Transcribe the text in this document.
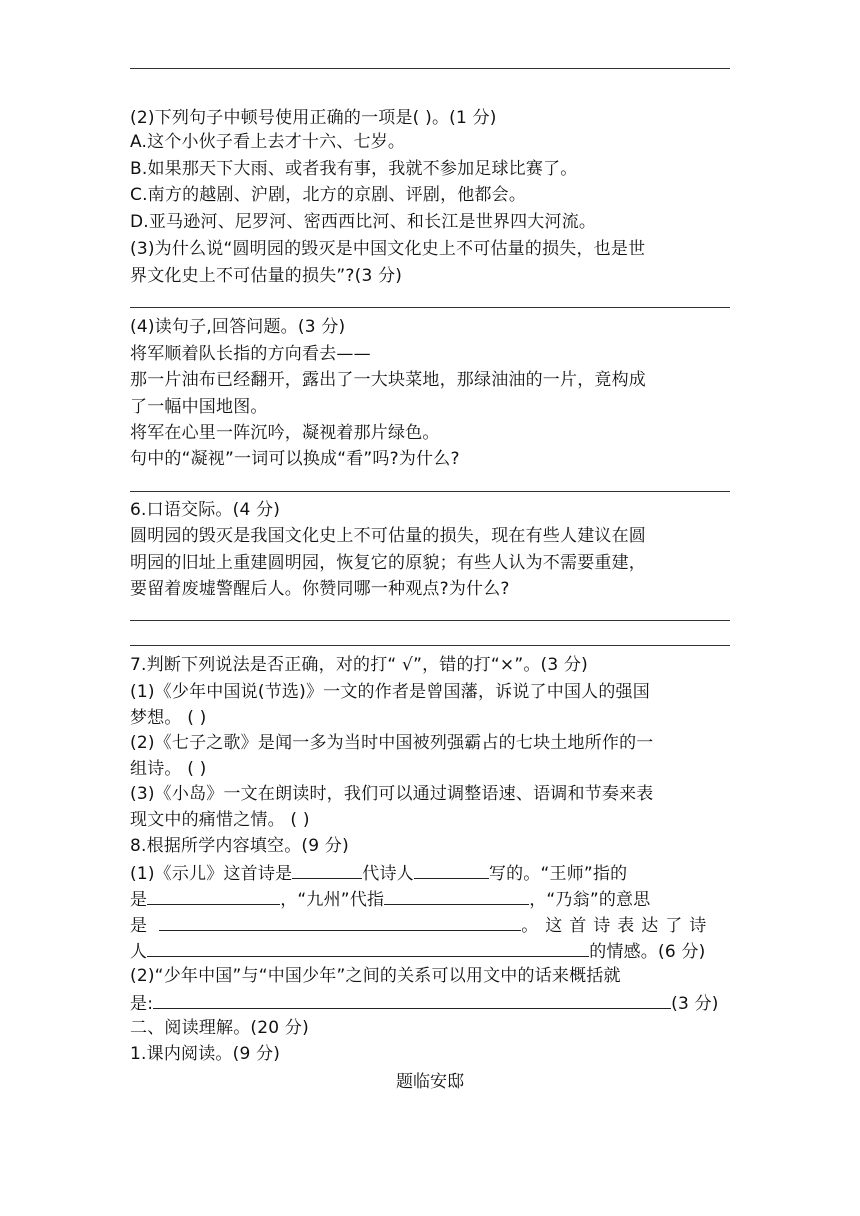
(2)下列句子中顿号使用正确的一项是( )。(1 分)
A.这个小伙子看上去才十六、七岁。
B.如果那天下大雨、或者我有事，我就不参加足球比赛了。
C.南方的越剧、沪剧，北方的京剧、评剧，他都会。
D.亚马逊河、尼罗河、密西西比河、和长江是世界四大河流。
(3)为什么说“圆明园的毁灭是中国文化史上不可估量的损失，也是世
界文化史上不可估量的损失”?(3 分)
(4)读句子,回答问题。(3 分)
将军顺着队长指的方向看去——
那一片油布已经翻开，露出了一大块菜地，那绿油油的一片，竟构成
了一幅中国地图。
将军在心里一阵沉吟，凝视着那片绿色。
句中的“凝视”一词可以换成“看”吗?为什么?
6.口语交际。(4 分)
圆明园的毁灭是我国文化史上不可估量的损失，现在有些人建议在圆
明园的旧址上重建圆明园，恢复它的原貌；有些人认为不需要重建，
要留着废墟警醒后人。你赞同哪一种观点?为什么?
7.判断下列说法是否正确，对的打“ √”，错的打“×”。(3 分)
(1)《少年中国说(节选)》一文的作者是曾国藩，诉说了中国人的强国
梦想。 ( )
(2)《七子之歌》是闻一多为当时中国被列强霸占的七块土地所作的一
组诗。 ( )
(3)《小岛》一文在朗读时，我们可以通过调整语速、语调和节奏来表
现文中的痛惜之情。 ( )
8.根据所学内容填空。(9 分)
(1)《示儿》这首诗是	代诗人	写的。“王师”指的
是	，“九州”代指	，“乃翁”的意思
是	。这首诗表达了诗
人	的情感。(6 分)
(2)“少年中国”与“中国少年”之间的关系可以用文中的话来概括就
是:	(3 分)
二、阅读理解。(20 分)
1.课内阅读。(9 分)
题临安邸
